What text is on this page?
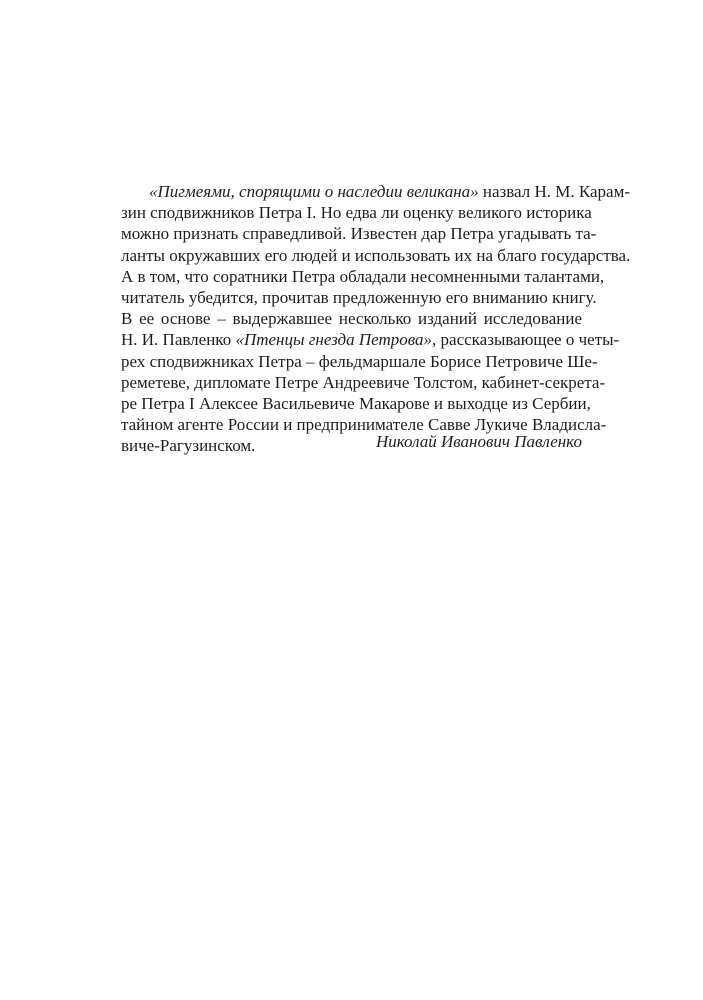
«Пигмеями, спорящими о наследии великана» назвал Н. М. Карам-
зин сподвижников Петра I. Но едва ли оценку великого историка
можно признать справедливой. Известен дар Петра угадывать та-
ланты окружавших его людей и использовать их на благо государства.
А в том, что соратники Петра обладали несомненными талантами,
читатель убедится, прочитав предложенную его вниманию книгу.
В ее основе – выдержавшее несколько изданий исследование
Н. И. Павленко «Птенцы гнезда Петрова», рассказывающее о четы-
рех сподвижниках Петра – фельдмаршале Борисе Петровиче Ше-
реметеве, дипломате Петре Андреевиче Толстом, кабинет-секрета-
ре Петра I Алексее Васильевиче Макарове и выходце из Сербии,
тайном агенте России и предпринимателе Савве Лукиче Владисла-
виче-Рагузинском.	Николай Иванович Павленко
